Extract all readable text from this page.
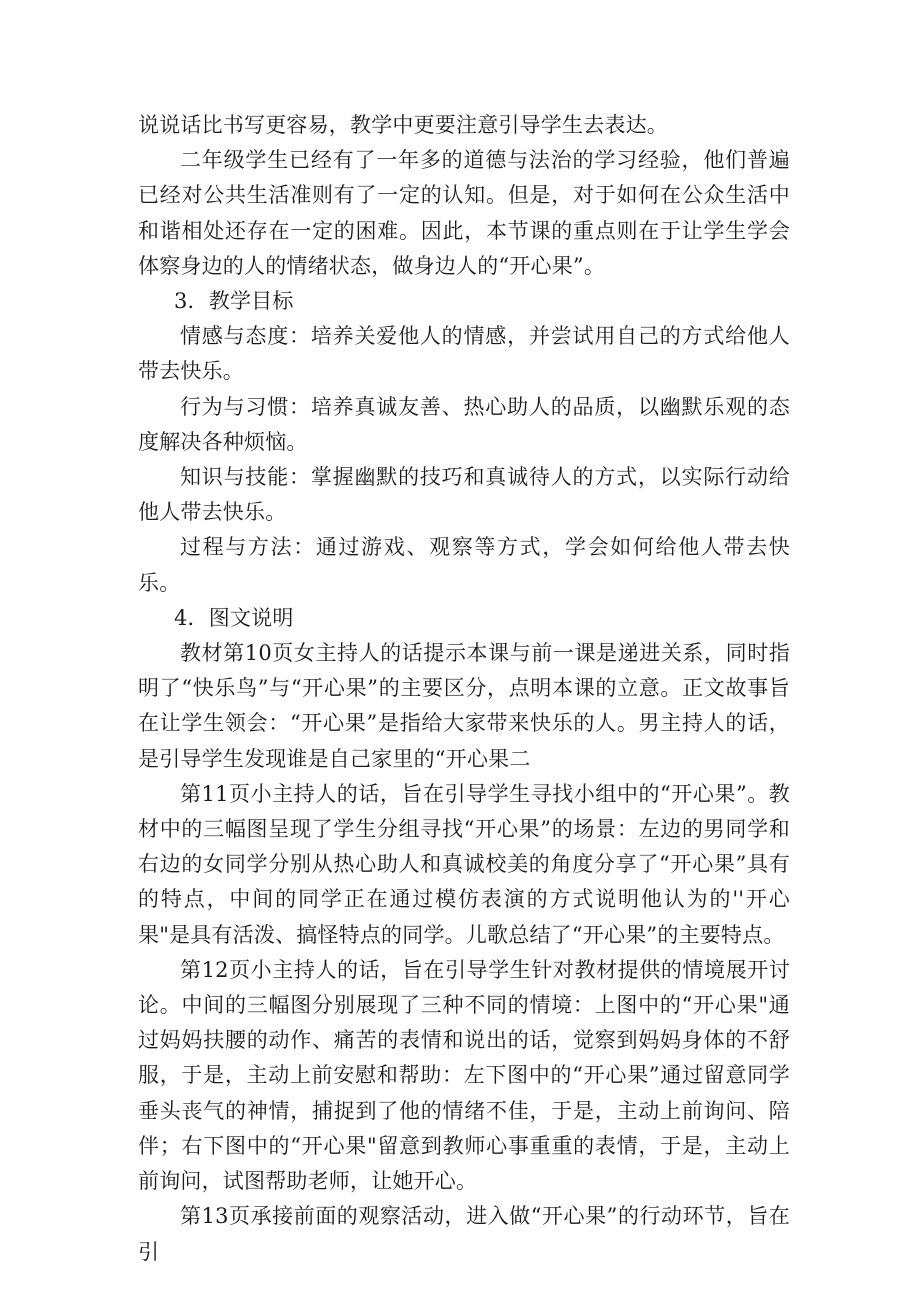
说说话比书写更容易，教学中更要注意引导学生去表达。

二年级学生已经有了一年多的道德与法治的学习经验，他们普遍已经对公共生活准则有了一定的认知。但是，对于如何在公众生活中和谐相处还存在一定的困难。因此，本节课的重点则在于让学生学会体察身边的人的情绪状态，做身边人的“开心果”。

3．教学目标

情感与态度：培养关爱他人的情感，并尝试用自己的方式给他人带去快乐。

行为与习惯：培养真诚友善、热心助人的品质，以幽默乐观的态度解决各种烦恼。

知识与技能：掌握幽默的技巧和真诚待人的方式，以实际行动给他人带去快乐。

过程与方法：通过游戏、观察等方式，学会如何给他人带去快乐。

4．图文说明

教材第10页女主持人的话提示本课与前一课是递进关系，同时指明了“快乐鸟”与“开心果”的主要区分，点明本课的立意。正文故事旨在让学生领会：“开心果”是指给大家带来快乐的人。男主持人的话，是引导学生发现谁是自己家里的“开心果二

第11页小主持人的话，旨在引导学生寻找小组中的“开心果”。教材中的三幅图呈现了学生分组寻找“开心果”的场景：左边的男同学和右边的女同学分别从热心助人和真诚校美的角度分享了“开心果”具有的特点，中间的同学正在通过模仿表演的方式说明他认为的''开心果"是具有活泼、搞怪特点的同学。儿歌总结了“开心果”的主要特点。

第12页小主持人的话，旨在引导学生针对教材提供的情境展开讨论。中间的三幅图分别展现了三种不同的情境：上图中的“开心果"通过妈妈扶腰的动作、痛苦的表情和说出的话，觉察到妈妈身体的不舒服，于是，主动上前安慰和帮助：左下图中的“开心果”通过留意同学垂头丧气的神情，捕捉到了他的情绪不佳，于是，主动上前询问、陪伴；右下图中的“开心果"留意到教师心事重重的表情，于是，主动上前询问，试图帮助老师，让她开心。

第13页承接前面的观察活动，进入做“开心果”的行动环节，旨在引
